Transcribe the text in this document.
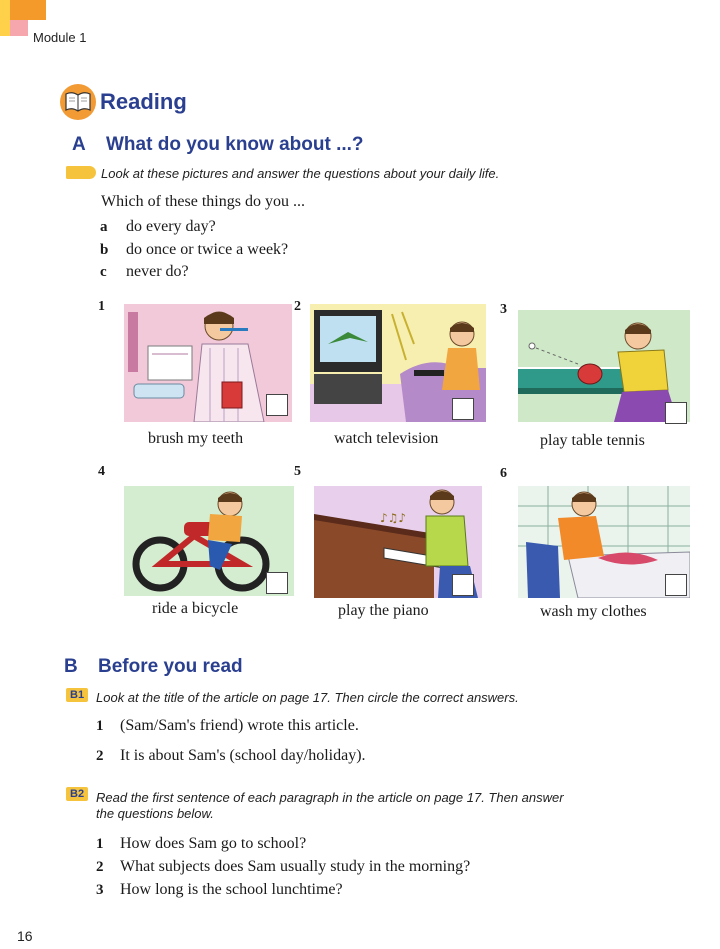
Module 1
Reading
A What do you know about ...?
Look at these pictures and answer the questions about your daily life.
Which of these things do you ...
a do every day?
b do once or twice a week?
c never do?
1
brush my teeth
2
watch television
3
play table tennis
4
ride a bicycle
5
♪♫♪
play the piano
6
wash my clothes
B Before you read
B1 Look at the title of the article on page 17. Then circle the correct answers.
1 (Sam/Sam's friend) wrote this article.
2 It is about Sam's (school day/holiday).
B2 Read the first sentence of each paragraph in the article on page 17. Then answer
the questions below.
1 How does Sam go to school?
2 What subjects does Sam usually study in the morning?
3 How long is the school lunchtime?
16
